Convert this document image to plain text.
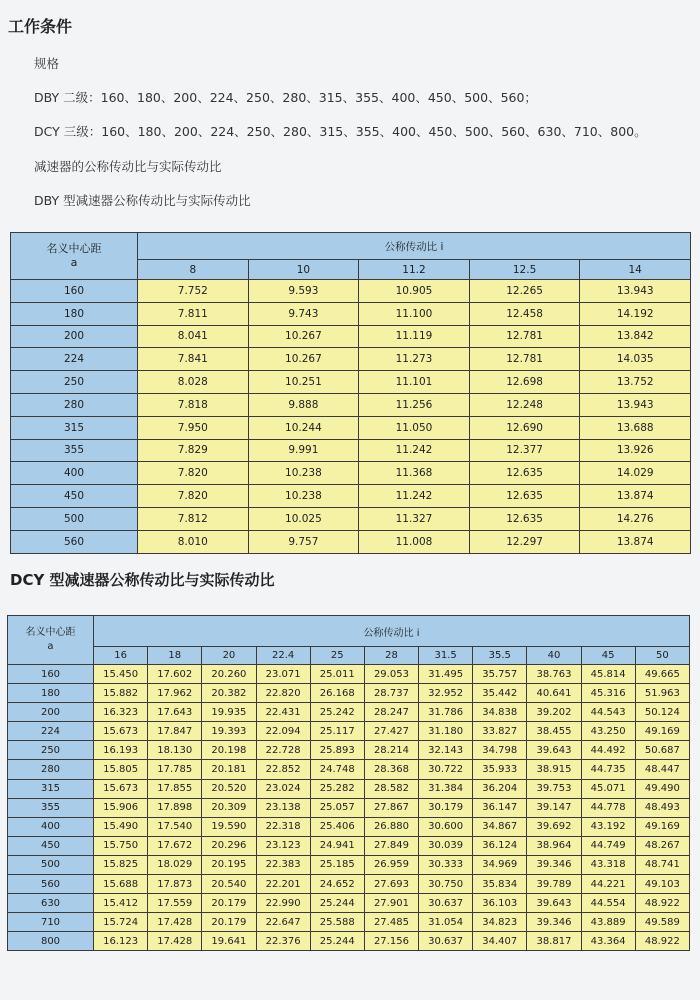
工作条件
规格
DBY 二级：160、180、200、224、250、280、315、355、400、450、500、560；
DCY 三级：160、180、200、224、250、280、315、355、400、450、500、560、630、710、800。
减速器的公称传动比与实际传动比
DBY 型减速器公称传动比与实际传动比
名义中心距
a	公称传动比 i				
	8	10	11.2	12.5	14
160	7.752	9.593	10.905	12.265	13.943
180	7.811	9.743	11.100	12.458	14.192
200	8.041	10.267	11.119	12.781	13.842
224	7.841	10.267	11.273	12.781	14.035
250	8.028	10.251	11.101	12.698	13.752
280	7.818	9.888	11.256	12.248	13.943
315	7.950	10.244	11.050	12.690	13.688
355	7.829	9.991	11.242	12.377	13.926
400	7.820	10.238	11.368	12.635	14.029
450	7.820	10.238	11.242	12.635	13.874
500	7.812	10.025	11.327	12.635	14.276
560	8.010	9.757	11.008	12.297	13.874
DCY 型减速器公称传动比与实际传动比
名义中心距
a	公称传动比 i										
	16	18	20	22.4	25	28	31.5	35.5	40	45	50
160	15.450	17.602	20.260	23.071	25.011	29.053	31.495	35.757	38.763	45.814	49.665
180	15.882	17.962	20.382	22.820	26.168	28.737	32.952	35.442	40.641	45.316	51.963
200	16.323	17.643	19.935	22.431	25.242	28.247	31.786	34.838	39.202	44.543	50.124
224	15.673	17.847	19.393	22.094	25.117	27.427	31.180	33.827	38.455	43.250	49.169
250	16.193	18.130	20.198	22.728	25.893	28.214	32.143	34.798	39.643	44.492	50.687
280	15.805	17.785	20.181	22.852	24.748	28.368	30.722	35.933	38.915	44.735	48.447
315	15.673	17.855	20.520	23.024	25.282	28.582	31.384	36.204	39.753	45.071	49.490
355	15.906	17.898	20.309	23.138	25.057	27.867	30.179	36.147	39.147	44.778	48.493
400	15.490	17.540	19.590	22.318	25.406	26.880	30.600	34.867	39.692	43.192	49.169
450	15.750	17.672	20.296	23.123	24.941	27.849	30.039	36.124	38.964	44.749	48.267
500	15.825	18.029	20.195	22.383	25.185	26.959	30.333	34.969	39.346	43.318	48.741
560	15.688	17.873	20.540	22.201	24.652	27.693	30.750	35.834	39.789	44.221	49.103
630	15.412	17.559	20.179	22.990	25.244	27.901	30.637	36.103	39.643	44.554	48.922
710	15.724	17.428	20.179	22.647	25.588	27.485	31.054	34.823	39.346	43.889	49.589
800	16.123	17.428	19.641	22.376	25.244	27.156	30.637	34.407	38.817	43.364	48.922
